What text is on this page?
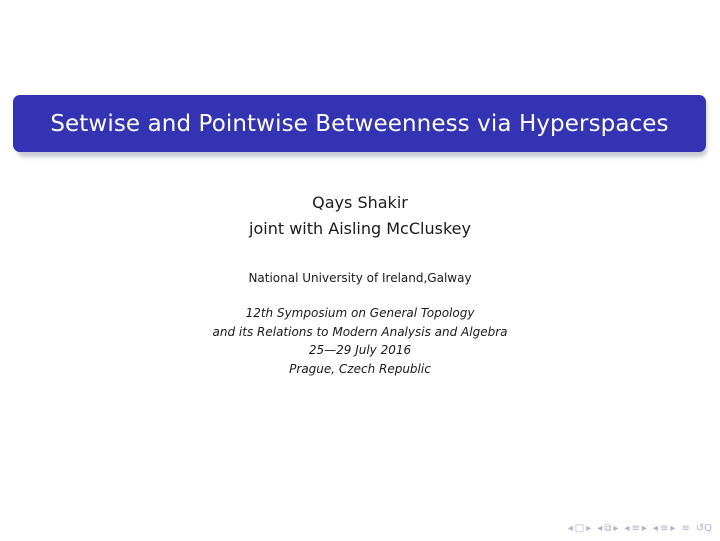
Setwise and Pointwise Betweenness via Hyperspaces
Qays Shakir
joint with Aisling McCluskey
National University of Ireland,Galway
12th Symposium on General Topology
and its Relations to Modern Analysis and Algebra
25—29 July 2016
Prague, Czech Republic
◂ □ ▸ ◂ ⧉ ▸ ◂ ≡ ▸ ◂ ≡ ▸ ≡ ↺Q
